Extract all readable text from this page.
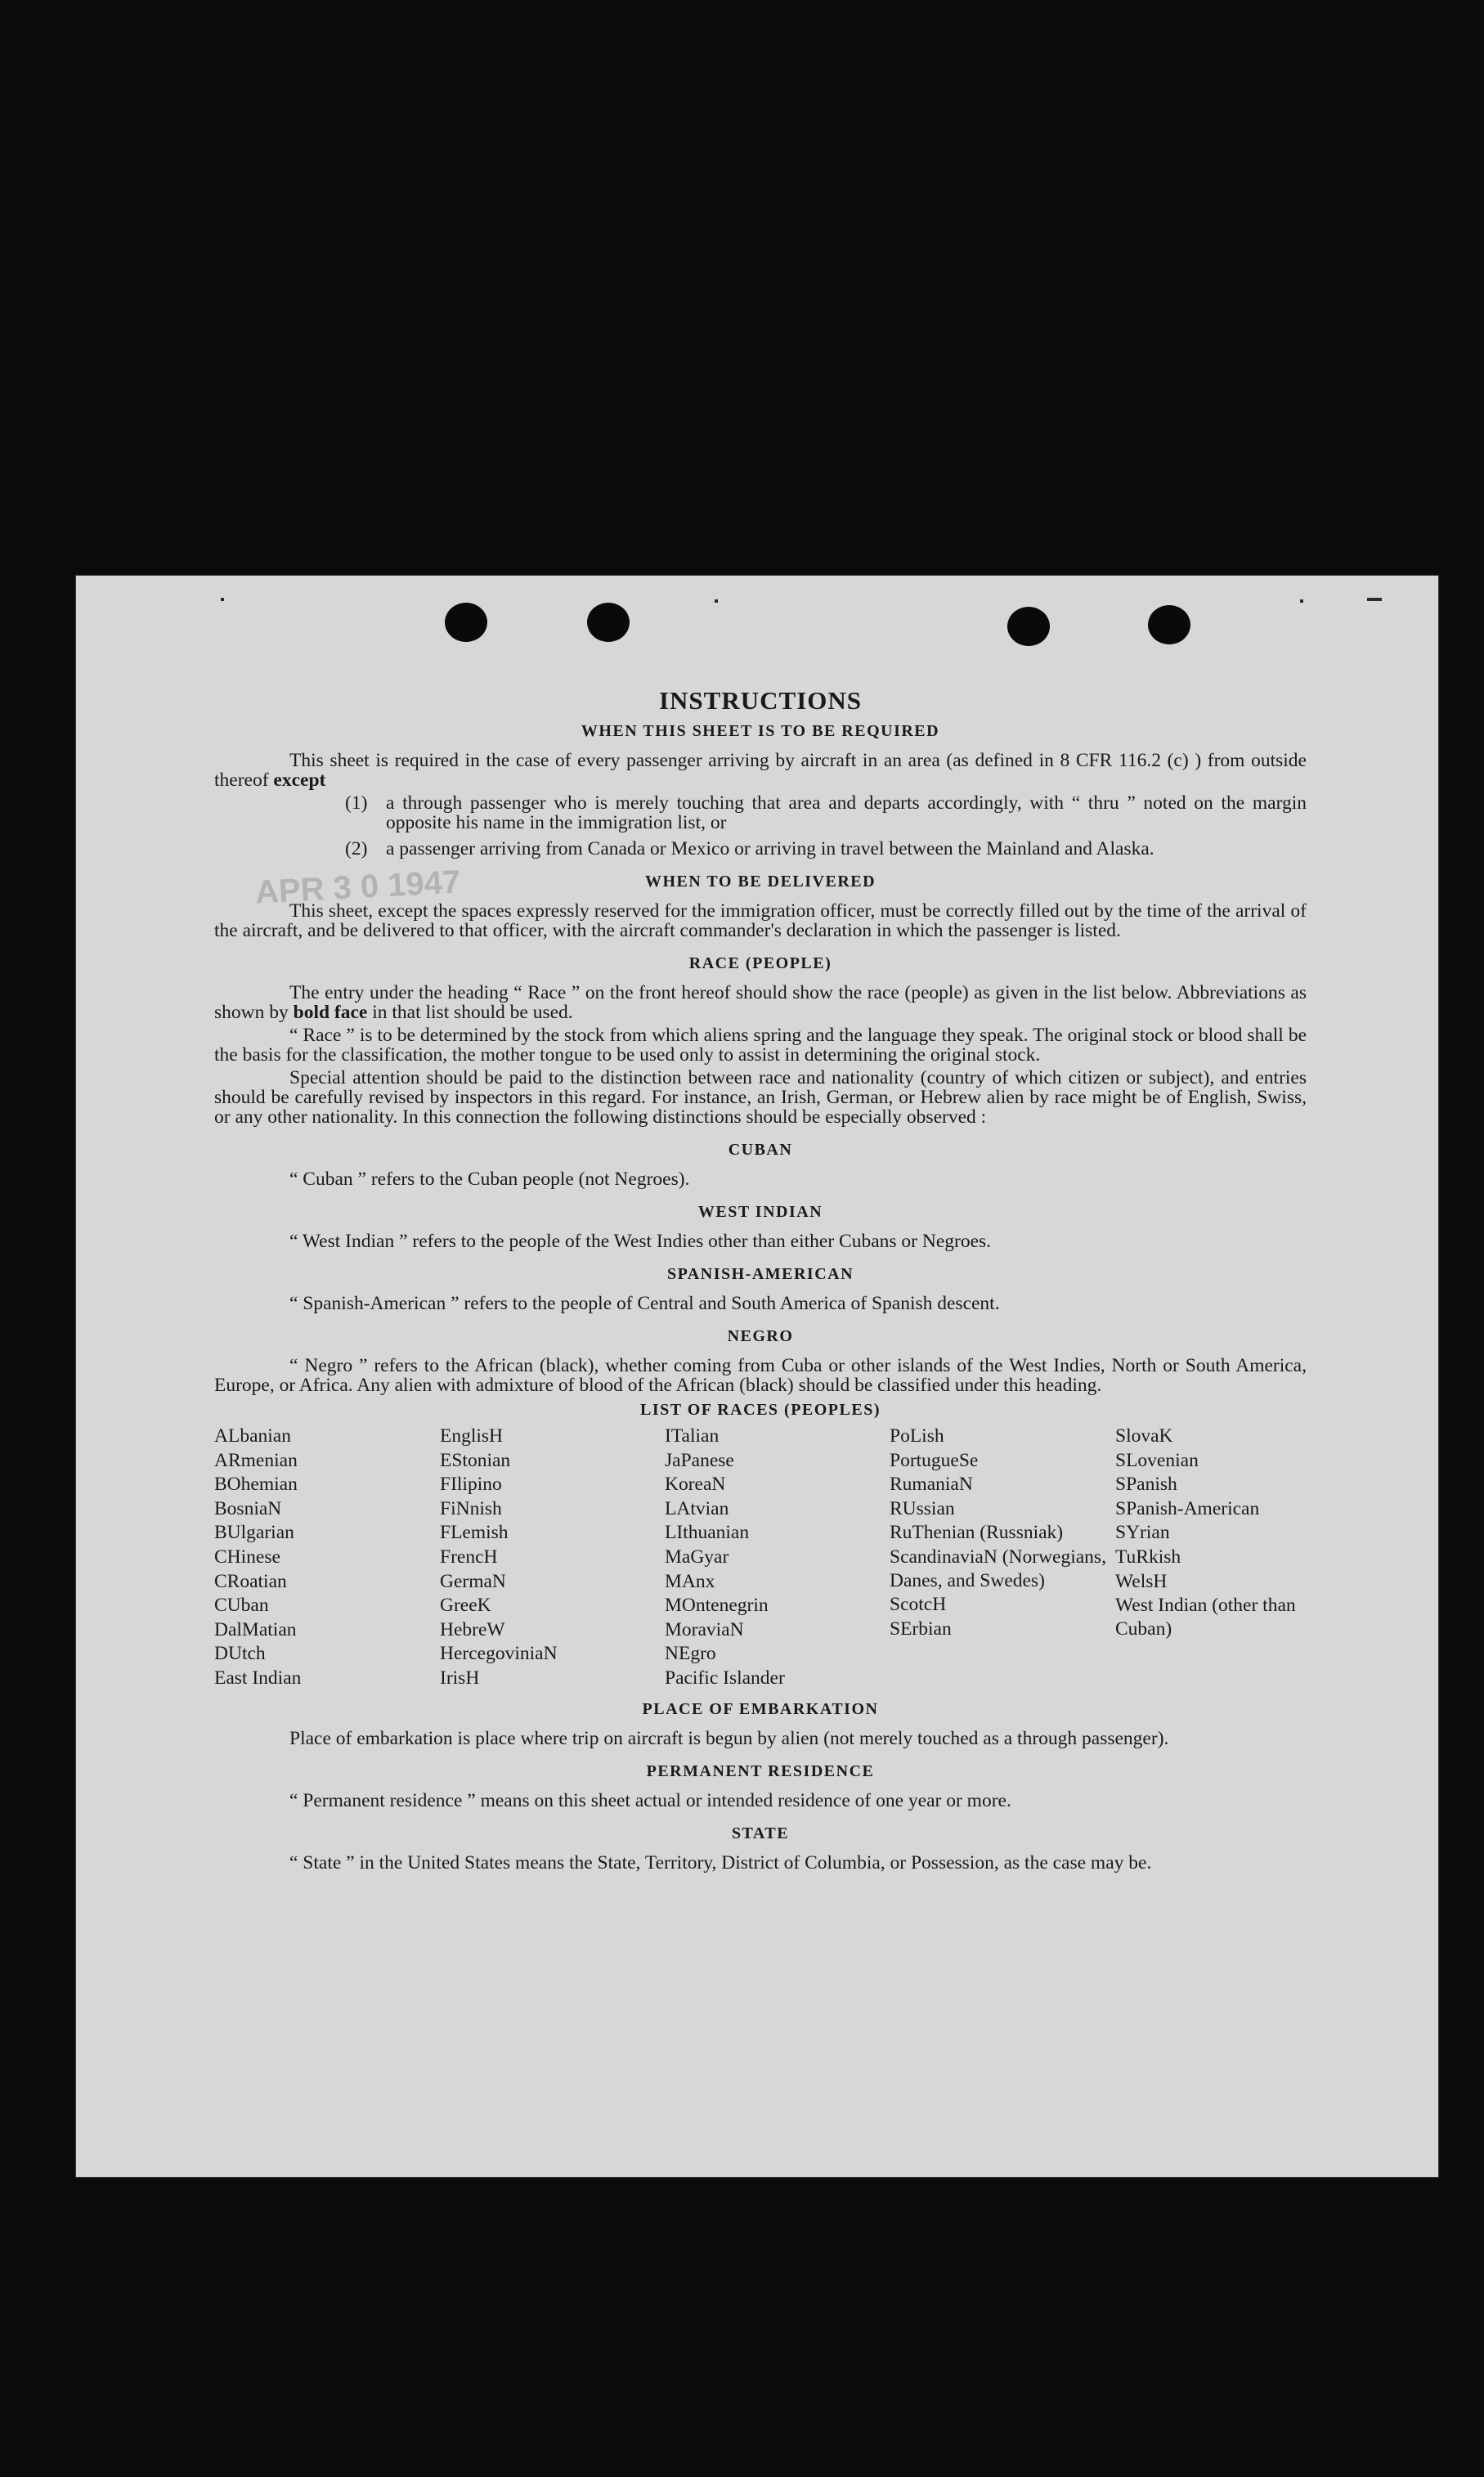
APR 3 0 1947
INSTRUCTIONS
WHEN THIS SHEET IS TO BE REQUIRED

This sheet is required in the case of every passenger arriving by aircraft in an area (as defined in 8 CFR 116.2 (c) ) from outside thereof except

(1) a through passenger who is merely touching that area and departs accordingly, with “ thru ” noted on the margin opposite his name in the immigration list, or
(2) a passenger arriving from Canada or Mexico or arriving in travel between the Mainland and Alaska.
WHEN TO BE DELIVERED

This sheet, except the spaces expressly reserved for the immigration officer, must be correctly filled out by the time of the arrival of the aircraft, and be delivered to that officer, with the aircraft commander's declaration in which the passenger is listed.

RACE (PEOPLE)

The entry under the heading “ Race ” on the front hereof should show the race (people) as given in the list below. Abbreviations as shown by bold face in that list should be used.

“ Race ” is to be determined by the stock from which aliens spring and the language they speak. The original stock or blood shall be the basis for the classification, the mother tongue to be used only to assist in determining the original stock.

Special attention should be paid to the distinction between race and nationality (country of which citizen or subject), and entries should be carefully revised by inspectors in this regard. For instance, an Irish, German, or Hebrew alien by race might be of English, Swiss, or any other nationality. In this connection the following distinctions should be especially observed :

CUBAN

“ Cuban ” refers to the Cuban people (not Negroes).

WEST INDIAN

“ West Indian ” refers to the people of the West Indies other than either Cubans or Negroes.

SPANISH-AMERICAN

“ Spanish-American ” refers to the people of Central and South America of Spanish descent.

NEGRO

“ Negro ” refers to the African (black), whether coming from Cuba or other islands of the West Indies, North or South America, Europe, or Africa. Any alien with admixture of blood of the African (black) should be classified under this heading.

LIST OF RACES (PEOPLES)
ALbanian
ARmenian
BOhemian
BosniaN
BUlgarian
CHinese
CRoatian
CUban
DalMatian
DUtch
East Indian
EnglisH
EStonian
FIlipino
FiNnish
FLemish
FrencH
GermaN
GreeK
HebreW
HercegoviniaN
IrisH
ITalian
JaPanese
KoreaN
LAtvian
LIthuanian
MaGyar
MAnx
MOntenegrin
MoraviaN
NEgro
Pacific Islander
PoLish
PortugueSe
RumaniaN
RUssian
RuThenian (Russniak)
ScandinaviaN (Norwegians, Danes, and Swedes)
ScotcH
SErbian
SlovaK
SLovenian
SPanish
SPanish-American
SYrian
TuRkish
WelsH
West Indian (other than Cuban)
PLACE OF EMBARKATION

Place of embarkation is place where trip on aircraft is begun by alien (not merely touched as a through passenger).

PERMANENT RESIDENCE

“ Permanent residence ” means on this sheet actual or intended residence of one year or more.

STATE

“ State ” in the United States means the State, Territory, District of Columbia, or Possession, as the case may be.
